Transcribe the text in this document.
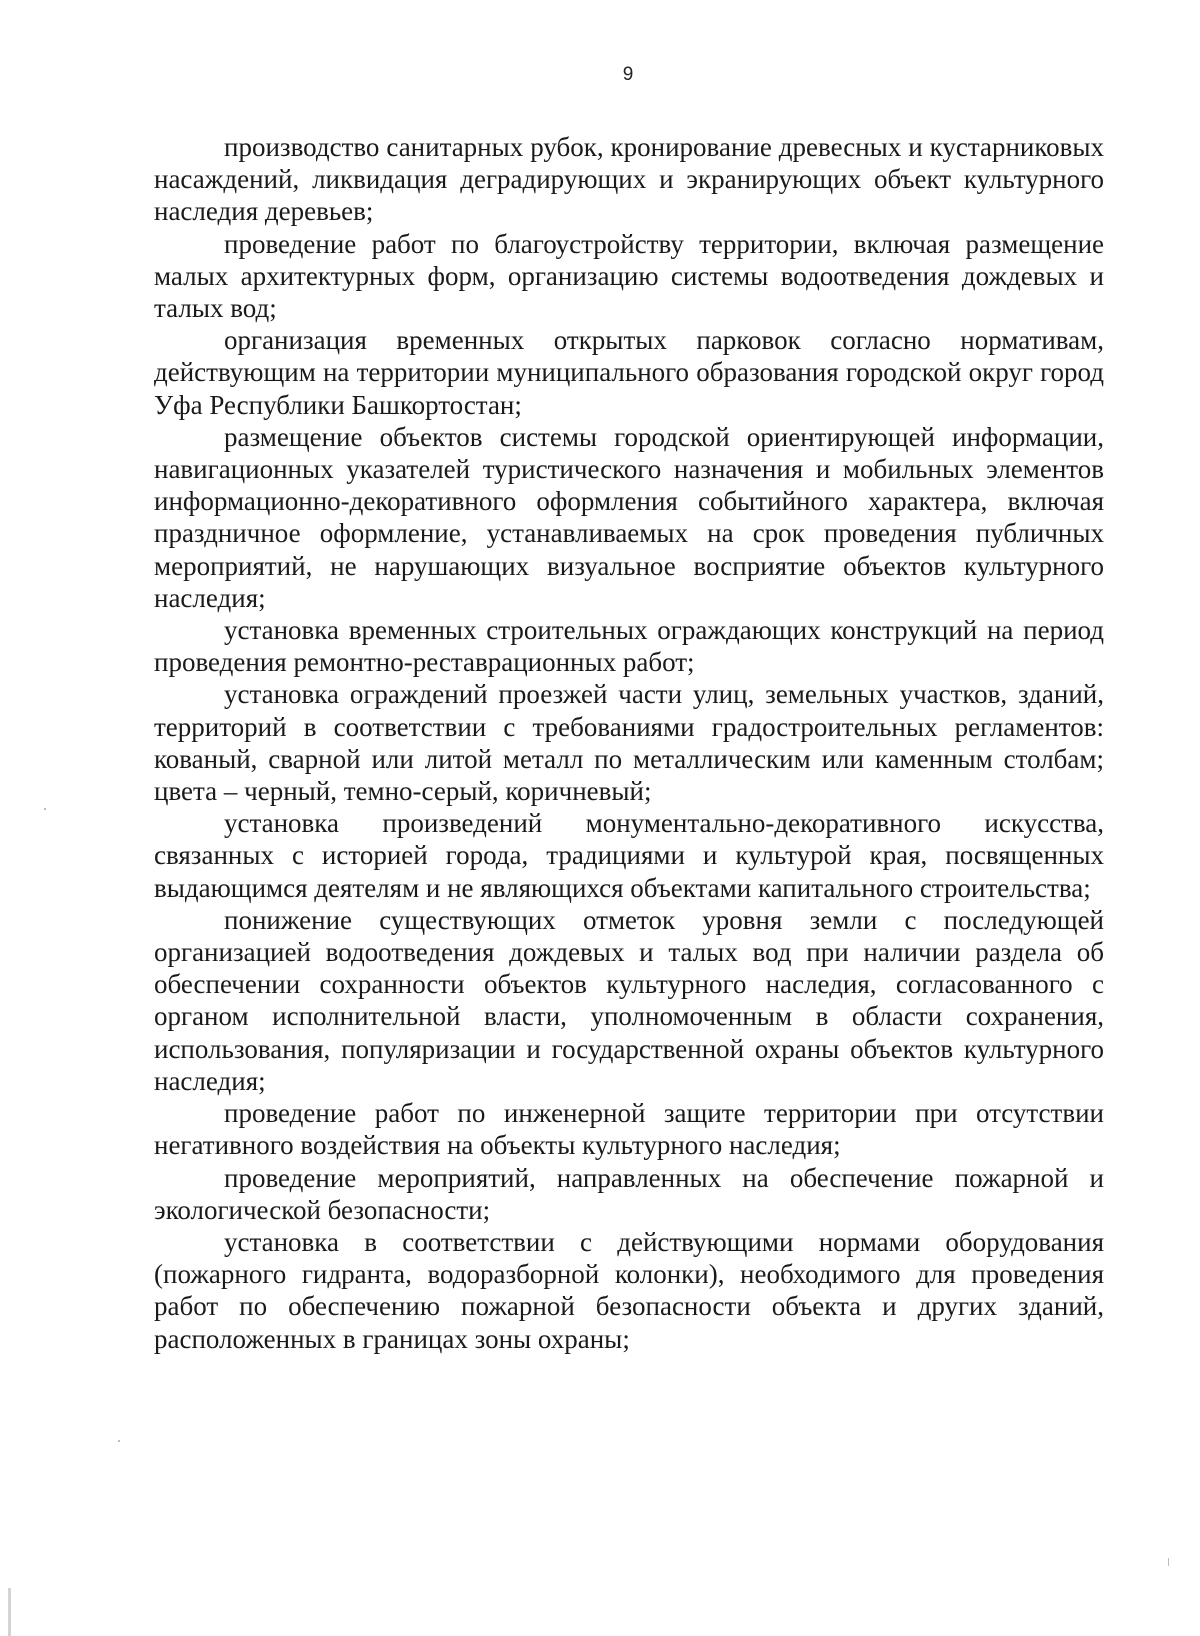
9

производство санитарных рубок, кронирование древесных и кустарниковых насаждений, ликвидация деградирующих и экранирующих объект культурного наследия деревьев;

проведение работ по благоустройству территории, включая размещение малых архитектурных форм, организацию системы водоотведения дождевых и талых вод;

организация временных открытых парковок согласно нормативам, действующим на территории муниципального образования городской округ город Уфа Республики Башкортостан;

размещение объектов системы городской ориентирующей информации, навигационных указателей туристического назначения и мобильных элементов информационно-декоративного оформления событийного характера, включая праздничное оформление, устанавливаемых на срок проведения публичных мероприятий, не нарушающих визуальное восприятие объектов культурного наследия;

установка временных строительных ограждающих конструкций на период проведения ремонтно-реставрационных работ;

установка ограждений проезжей части улиц, земельных участков, зданий, территорий в соответствии с требованиями градостроительных регламентов: кованый, сварной или литой металл по металлическим или каменным столбам; цвета – черный, темно-серый, коричневый;

установка произведений монументально-декоративного искусства, связанных с историей города, традициями и культурой края, посвященных выдающимся деятелям и не являющихся объектами капитального строительства;

понижение существующих отметок уровня земли с последующей организацией водоотведения дождевых и талых вод при наличии раздела об обеспечении сохранности объектов культурного наследия, согласованного с органом исполнительной власти, уполномоченным в области сохранения, использования, популяризации и государственной охраны объектов культурного наследия;

проведение работ по инженерной защите территории при отсутствии негативного воздействия на объекты культурного наследия;

проведение мероприятий, направленных на обеспечение пожарной и экологической безопасности;

установка в соответствии с действующими нормами оборудования (пожарного гидранта, водоразборной колонки), необходимого для проведения работ по обеспечению пожарной безопасности объекта и других зданий, расположенных в границах зоны охраны;
